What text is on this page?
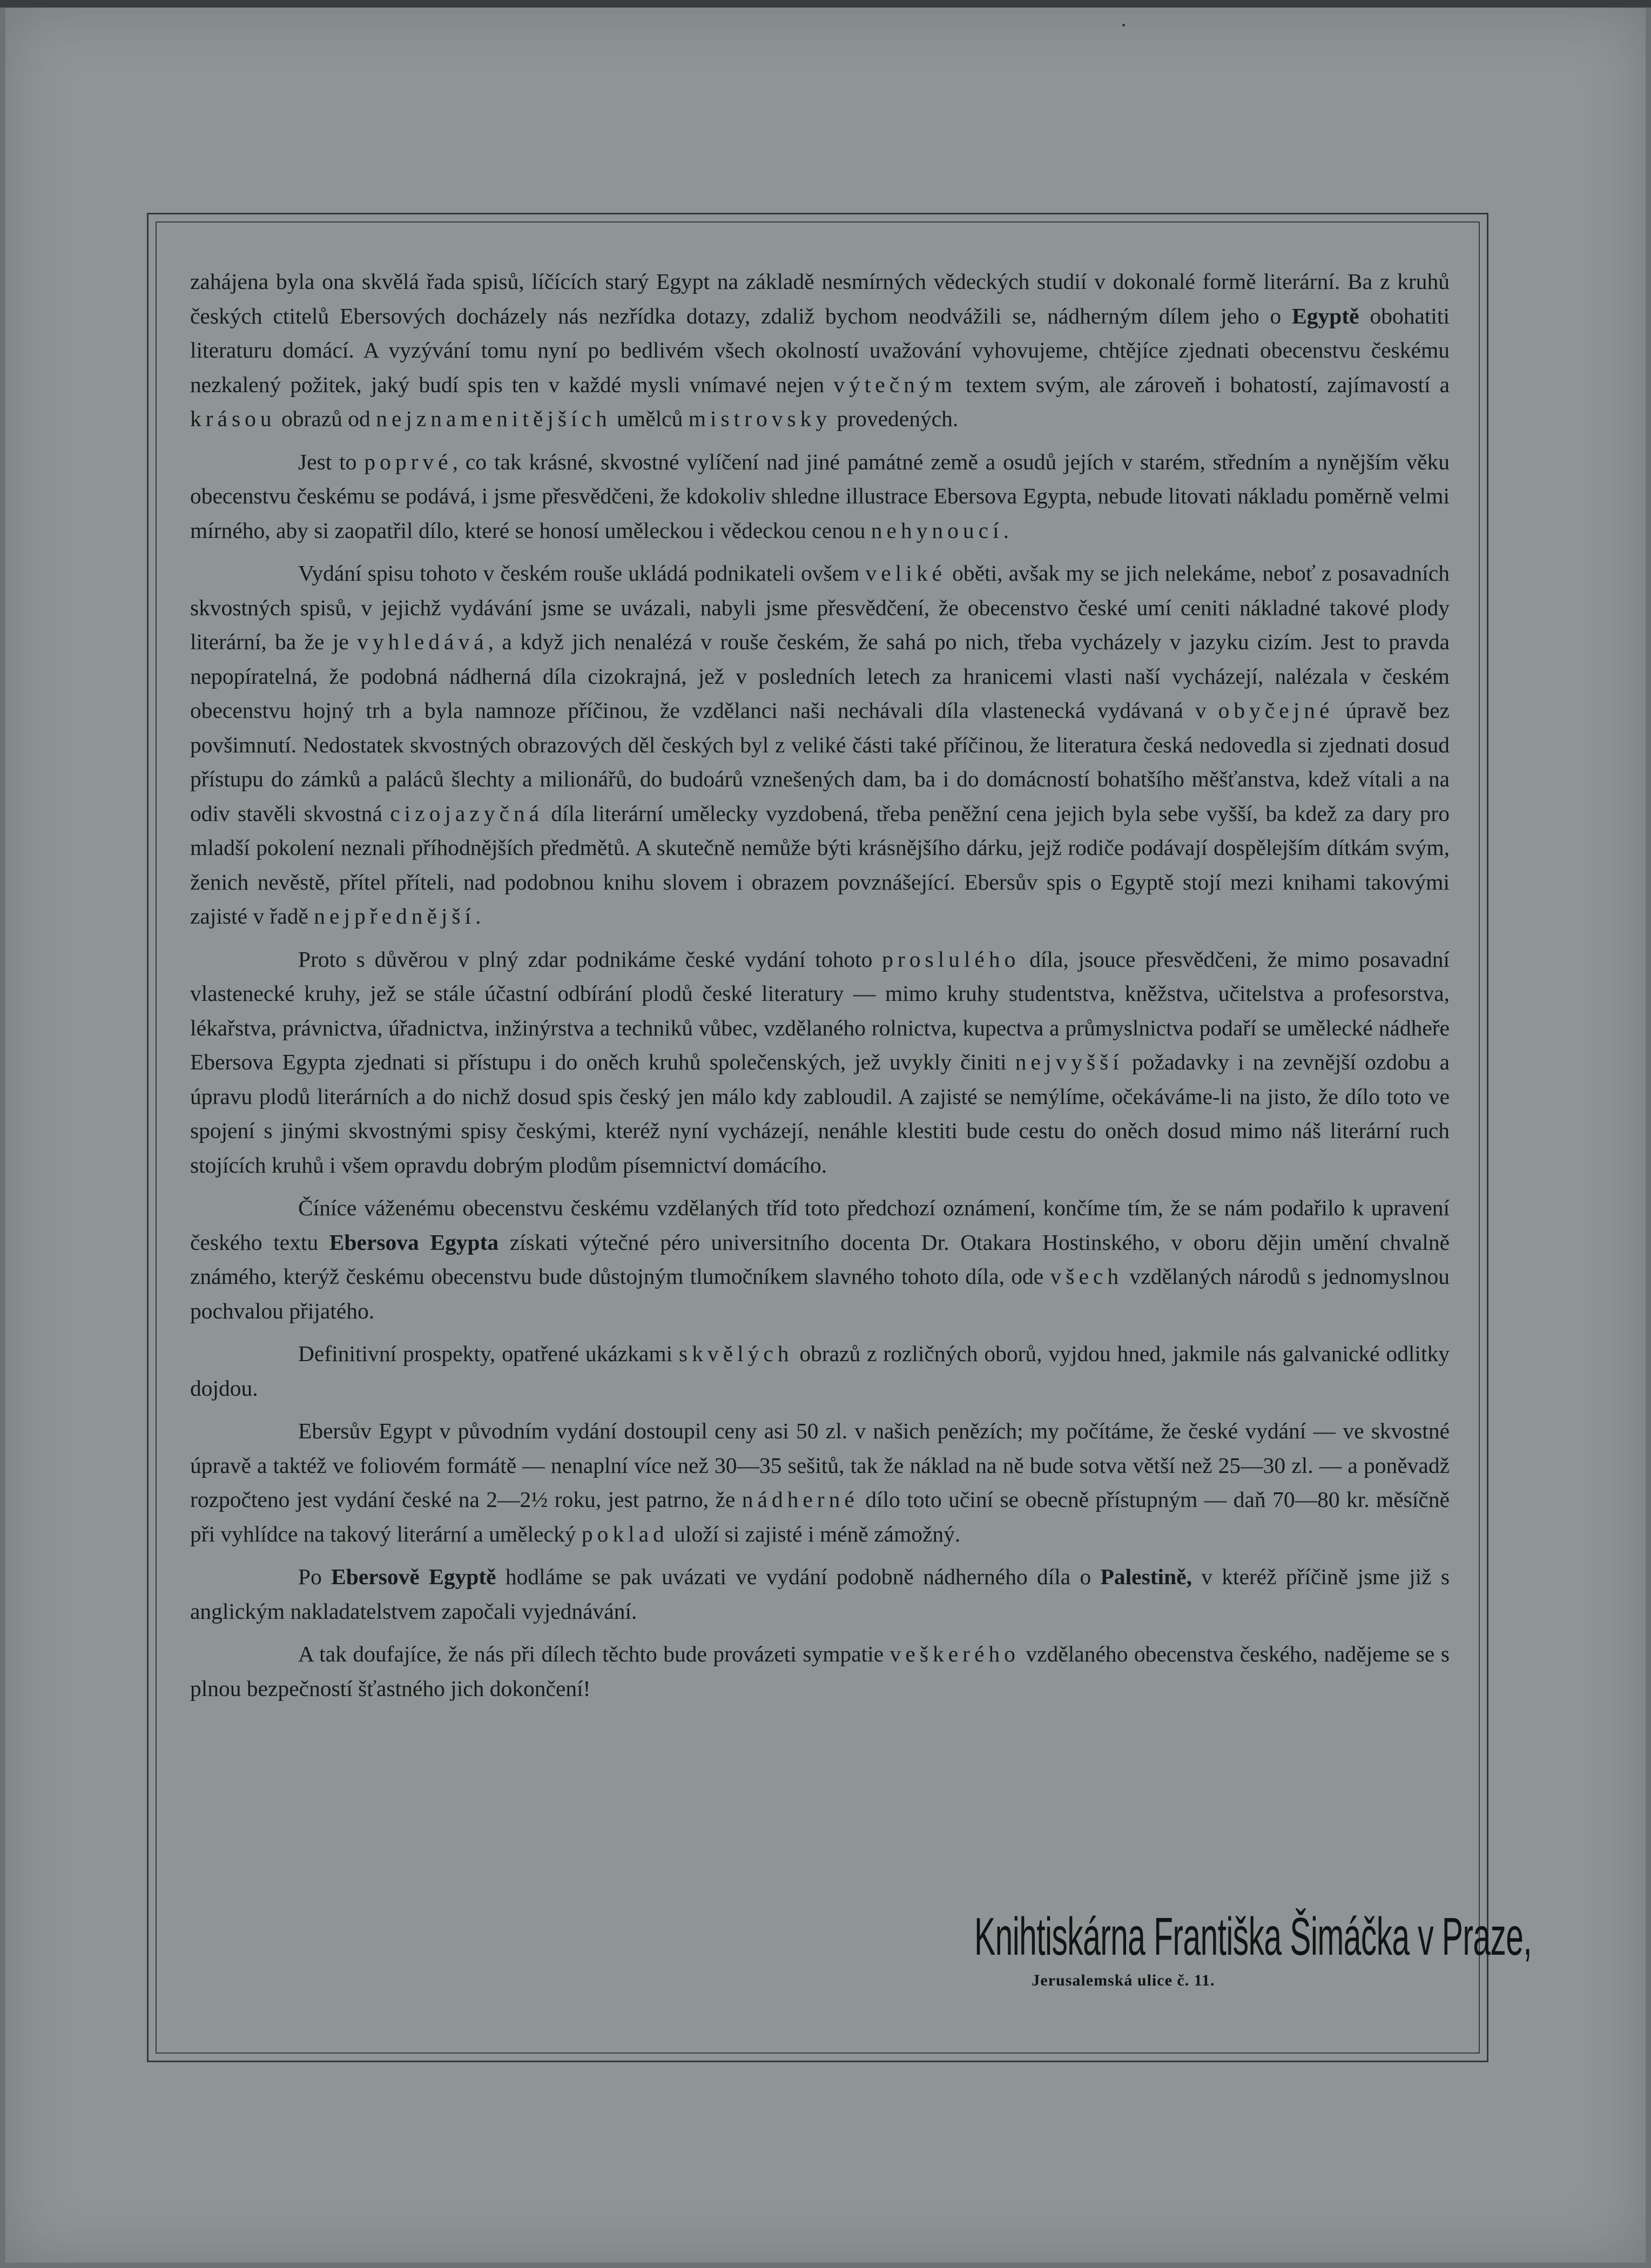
zahájena byla ona skvělá řada spisů, líčících starý Egypt na základě nesmírných vědeckých studií v dokonalé formě literární. Ba z kruhů českých ctitelů Ebersových docházely nás nezřídka dotazy, zdaliž bychom neodvážili se, nádherným dílem jeho o Egyptě obohatiti literaturu domácí. A vyzývání tomu nyní po bedlivém všech okolností uvažování vyhovujeme, chtějíce zjednati obecenstvu českému nezkalený požitek, jaký budí spis ten v každé mysli vnímavé nejen výtečným textem svým, ale zároveň i bohatostí, zajímavostí a krásou obrazů od nejznamenitějších umělců mistrovsky provedených.

Jest to poprvé, co tak krásné, skvostné vylíčení nad jiné památné země a osudů jejích v starém, středním a nynějším věku obecenstvu českému se podává, i jsme přesvědčeni, že kdokoliv shledne illustrace Ebersova Egypta, nebude litovati nákladu poměrně velmi mírného, aby si zaopatřil dílo, které se honosí uměleckou i vědeckou cenou nehynoucí.

Vydání spisu tohoto v českém rouše ukládá podnikateli ovšem veliké oběti, avšak my se jich nelekáme, neboť z posavadních skvostných spisů, v jejichž vydávání jsme se uvázali, nabyli jsme přesvědčení, že obecenstvo české umí ceniti nákladné takové plody literární, ba že je vyhledává, a když jich nenalézá v rouše českém, že sahá po nich, třeba vycházely v jazyku cizím. Jest to pravda nepopíratelná, že podobná nádherná díla cizokrajná, jež v posledních letech za hranicemi vlasti naší vycházejí, nalézala v českém obecenstvu hojný trh a byla namnoze příčinou, že vzdělanci naši nechávali díla vlastenecká vydávaná v obyčejné úpravě bez povšimnutí. Nedostatek skvostných obrazových děl českých byl z veliké části také příčinou, že literatura česká nedovedla si zjednati dosud přístupu do zámků a paláců šlechty a milionářů, do budoárů vznešených dam, ba i do domácností bohatšího měšťanstva, kdež vítali a na odiv stavěli skvostná cizojazyčná díla literární umělecky vyzdobená, třeba peněžní cena jejich byla sebe vyšší, ba kdež za dary pro mladší pokolení neznali příhodnějších předmětů. A skutečně nemůže býti krásnějšího dárku, jejž rodiče podávají dospělejším dítkám svým, ženich nevěstě, přítel příteli, nad podobnou knihu slovem i obrazem povznášející. Ebersův spis o Egyptě stojí mezi knihami takovými zajisté v řadě nejpřednější.

Proto s důvěrou v plný zdar podnikáme české vydání tohoto proslulého díla, jsouce přesvědčeni, že mimo posavadní vlastenecké kruhy, jež se stále účastní odbírání plodů české literatury — mimo kruhy studentstva, kněžstva, učitelstva a profesorstva, lékařstva, právnictva, úřadnictva, inžinýrstva a techniků vůbec, vzdělaného rolnictva, kupectva a průmyslnictva podaří se umělecké nádheře Ebersova Egypta zjednati si přístupu i do oněch kruhů společenských, jež uvykly činiti nejvyšší požadavky i na zevnější ozdobu a úpravu plodů literárních a do nichž dosud spis český jen málo kdy zabloudil. A zajisté se nemýlíme, očekáváme-li na jisto, že dílo toto ve spojení s jinými skvostnými spisy českými, kteréž nyní vycházejí, nenáhle klestiti bude cestu do oněch dosud mimo náš literární ruch stojících kruhů i všem opravdu dobrým plodům písemnictví domácího.

Číníce váženému obecenstvu českému vzdělaných tříd toto předchozí oznámení, končíme tím, že se nám podařilo k upravení českého textu Ebersova Egypta získati výtečné péro universitního docenta Dr. Otakara Hostinského, v oboru dějin umění chvalně známého, kterýž českému obecenstvu bude důstojným tlumočníkem slavného tohoto díla, ode všech vzdělaných národů s jednomyslnou pochvalou přijatého.

Definitivní prospekty, opatřené ukázkami skvělých obrazů z rozličných oborů, vyjdou hned, jakmile nás galvanické odlitky dojdou.

Ebersův Egypt v původním vydání dostoupil ceny asi 50 zl. v našich penězích; my počítáme, že české vydání — ve skvostné úpravě a taktéž ve foliovém formátě — nenaplní více než 30—35 sešitů, tak že náklad na ně bude sotva větší než 25—30 zl. — a poněvadž rozpočteno jest vydání české na 2—2½ roku, jest patrno, že nádherné dílo toto učiní se obecně přístupným — daň 70—80 kr. měsíčně při vyhlídce na takový literární a umělecký poklad uloží si zajisté i méně zámožný.

Po Ebersově Egyptě hodláme se pak uvázati ve vydání podobně nádherného díla o Palestině, v kteréž příčině jsme již s anglickým nakladatelstvem započali vyjednávání.

A tak doufajíce, že nás při dílech těchto bude provázeti sympatie veškerého vzdělaného obecenstva českého, nadějeme se s plnou bezpečností šťastného jich dokončení!

Knihtiskárna Františka Šimáčka v Praze,
Jerusalemská ulice č. 11.
